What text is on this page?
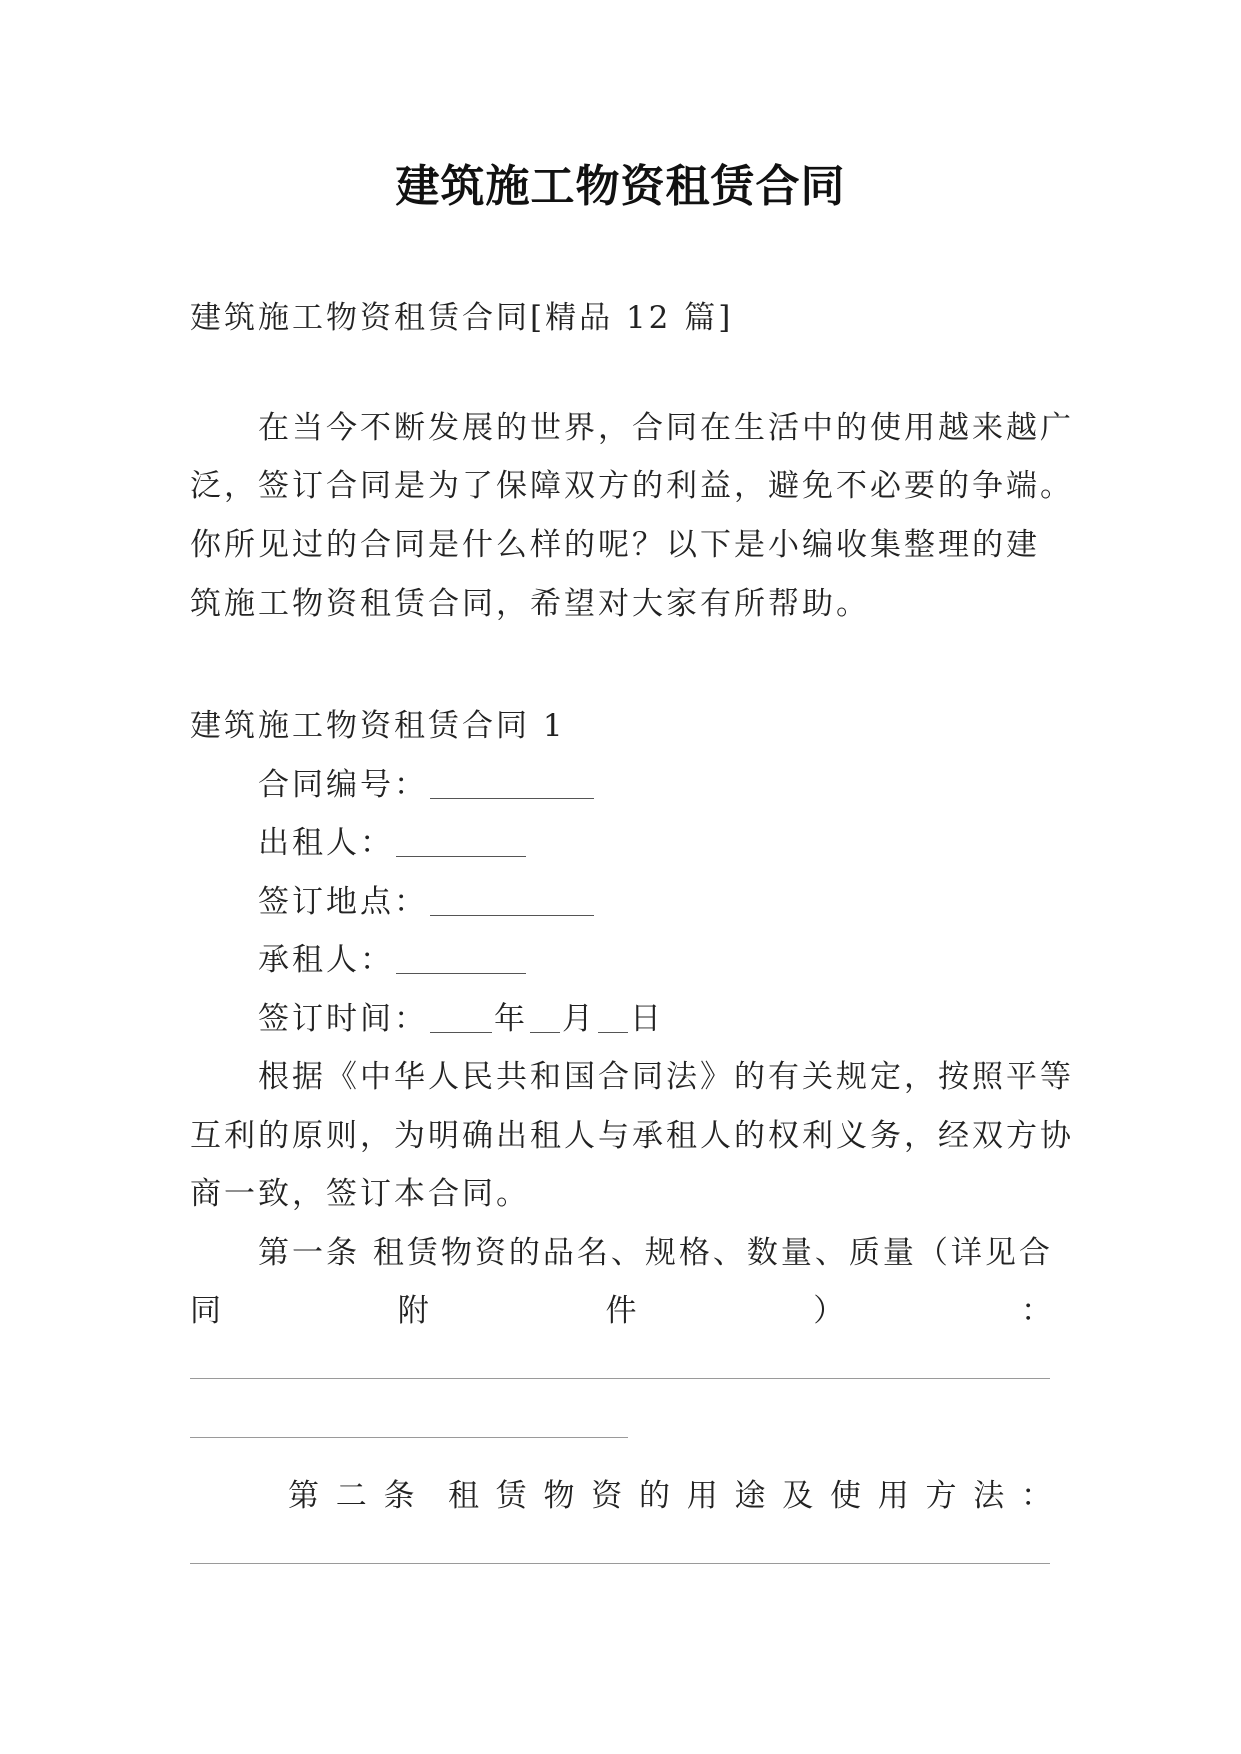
建筑施工物资租赁合同
建筑施工物资租赁合同[精品 12 篇]
在当今不断发展的世界，合同在生活中的使用越来越广
泛，签订合同是为了保障双方的利益，避免不必要的争端。
你所见过的合同是什么样的呢？以下是小编收集整理的建
筑施工物资租赁合同，希望对大家有所帮助。
建筑施工物资租赁合同 1
合同编号：
出租人：
签订地点：
承租人：
签订时间： 年 月 日
根据《中华人民共和国合同法》的有关规定，按照平等
互利的原则，为明确出租人与承租人的权利义务，经双方协
商一致，签订本合同。
第一条 租赁物资的品名、规格、数量、质量（详见合
同	附	件	）	：
第 二 条 租 赁 物 资 的 用 途 及 使 用 方 法 ：
